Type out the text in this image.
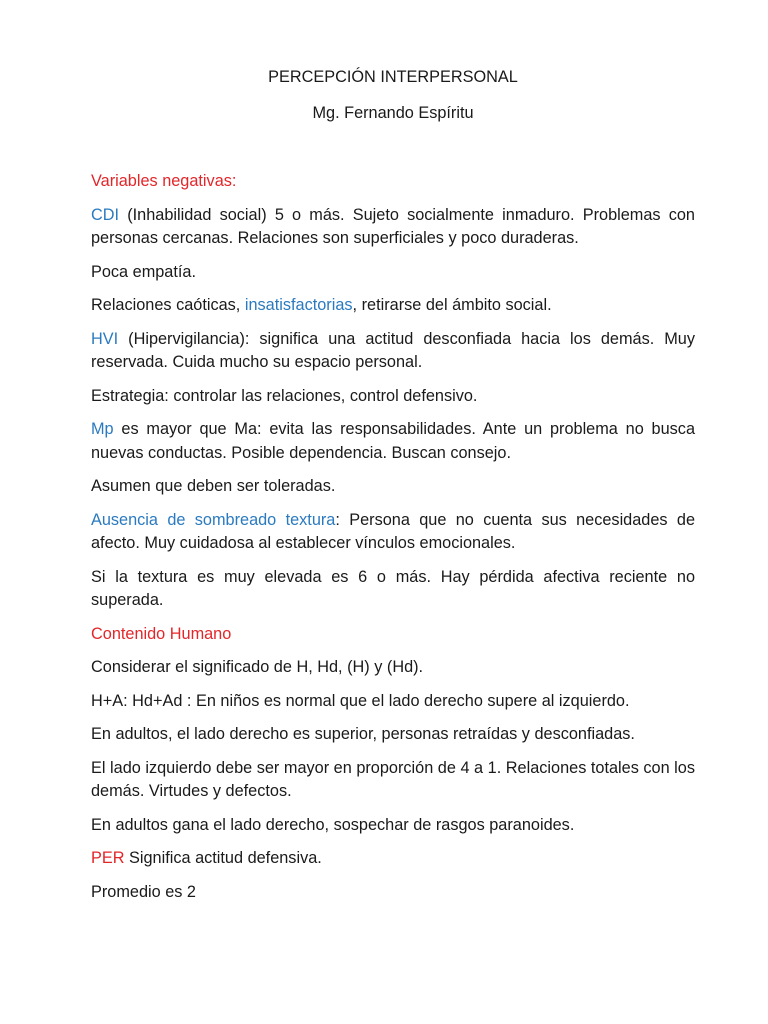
PERCEPCIÓN INTERPERSONAL

Mg. Fernando Espíritu

Variables negativas:

CDI (Inhabilidad social) 5 o más. Sujeto socialmente inmaduro. Problemas con personas cercanas. Relaciones son superficiales y poco duraderas.

Poca empatía.

Relaciones caóticas, insatisfactorias, retirarse del ámbito social.

HVI (Hipervigilancia): significa una actitud desconfiada hacia los demás. Muy reservada. Cuida mucho su espacio personal.

Estrategia: controlar las relaciones, control defensivo.

Mp es mayor que Ma: evita las responsabilidades. Ante un problema no busca nuevas conductas. Posible dependencia. Buscan consejo.

Asumen que deben ser toleradas.

Ausencia de sombreado textura: Persona que no cuenta sus necesidades de afecto. Muy cuidadosa al establecer vínculos emocionales.

Si la textura es muy elevada es 6 o más. Hay pérdida afectiva reciente no superada.

Contenido Humano

Considerar el significado de H, Hd, (H) y (Hd).

H+A: Hd+Ad : En niños es normal que el lado derecho supere al izquierdo.

En adultos, el lado derecho es superior, personas retraídas y desconfiadas.

El lado izquierdo debe ser mayor en proporción de 4 a 1. Relaciones totales con los demás. Virtudes y defectos.

En adultos gana el lado derecho, sospechar de rasgos paranoides.

PER Significa actitud defensiva.

Promedio es 2
